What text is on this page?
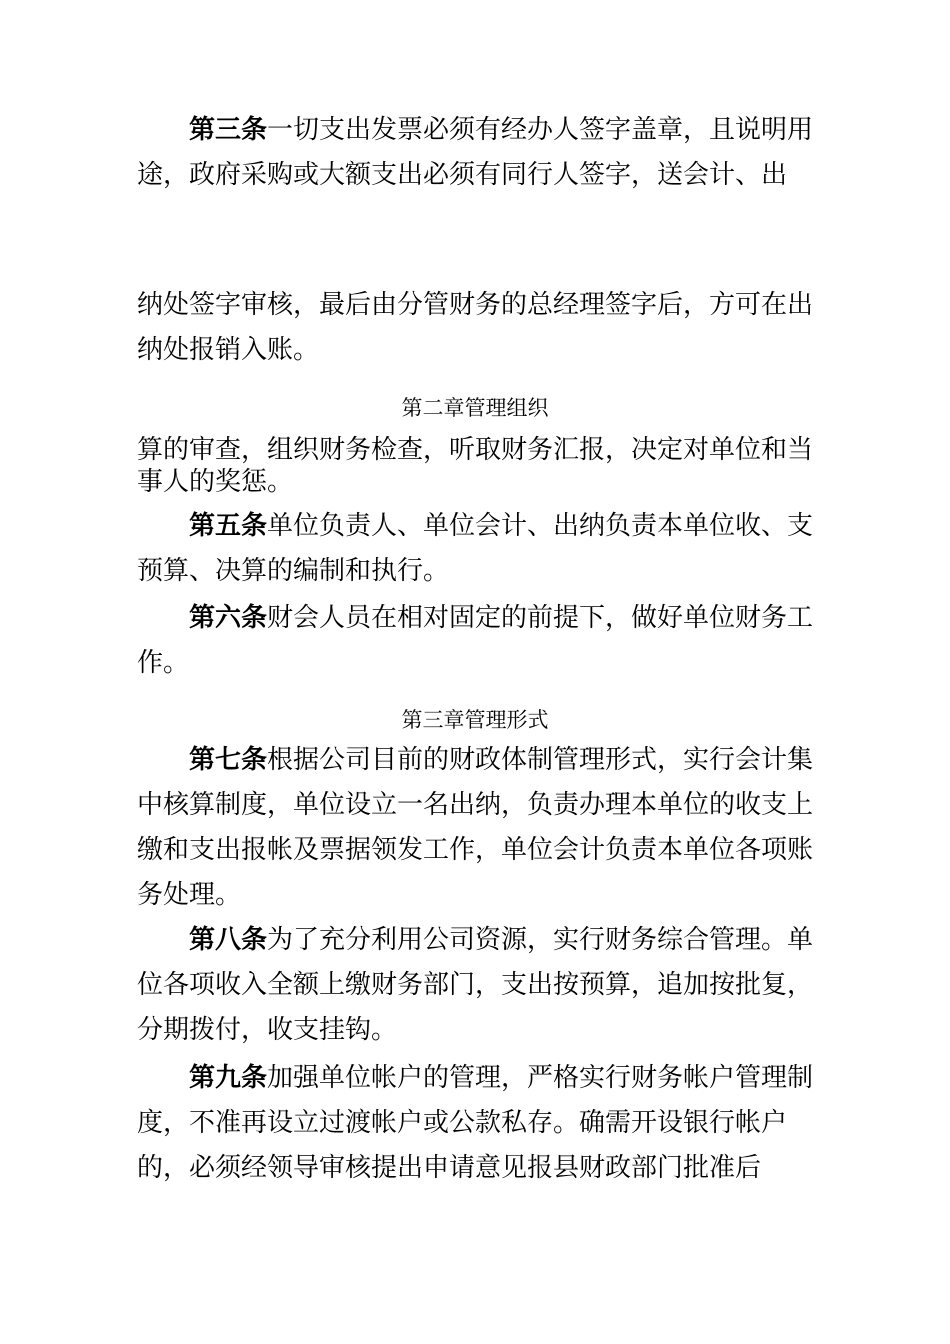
第三条一切支出发票必须有经办人签字盖章，且说明用途，政府采购或大额支出必须有同行人签字，送会计、出

纳处签字审核，最后由分管财务的总经理签字后，方可在出纳处报销入账。

第二章管理组织

算的审查，组织财务检查，听取财务汇报，决定对单位和当事人的奖惩。

第五条单位负责人、单位会计、出纳负责本单位收、支预算、决算的编制和执行。

第六条财会人员在相对固定的前提下，做好单位财务工作。

第三章管理形式

第七条根据公司目前的财政体制管理形式，实行会计集中核算制度，单位设立一名出纳，负责办理本单位的收支上缴和支出报帐及票据领发工作，单位会计负责本单位各项账务处理。

第八条为了充分利用公司资源，实行财务综合管理。单位各项收入全额上缴财务部门，支出按预算，追加按批复，分期拨付，收支挂钩。

第九条加强单位帐户的管理，严格实行财务帐户管理制度，不准再设立过渡帐户或公款私存。确需开设银行帐户的，必须经领导审核提出申请意见报县财政部门批准后
